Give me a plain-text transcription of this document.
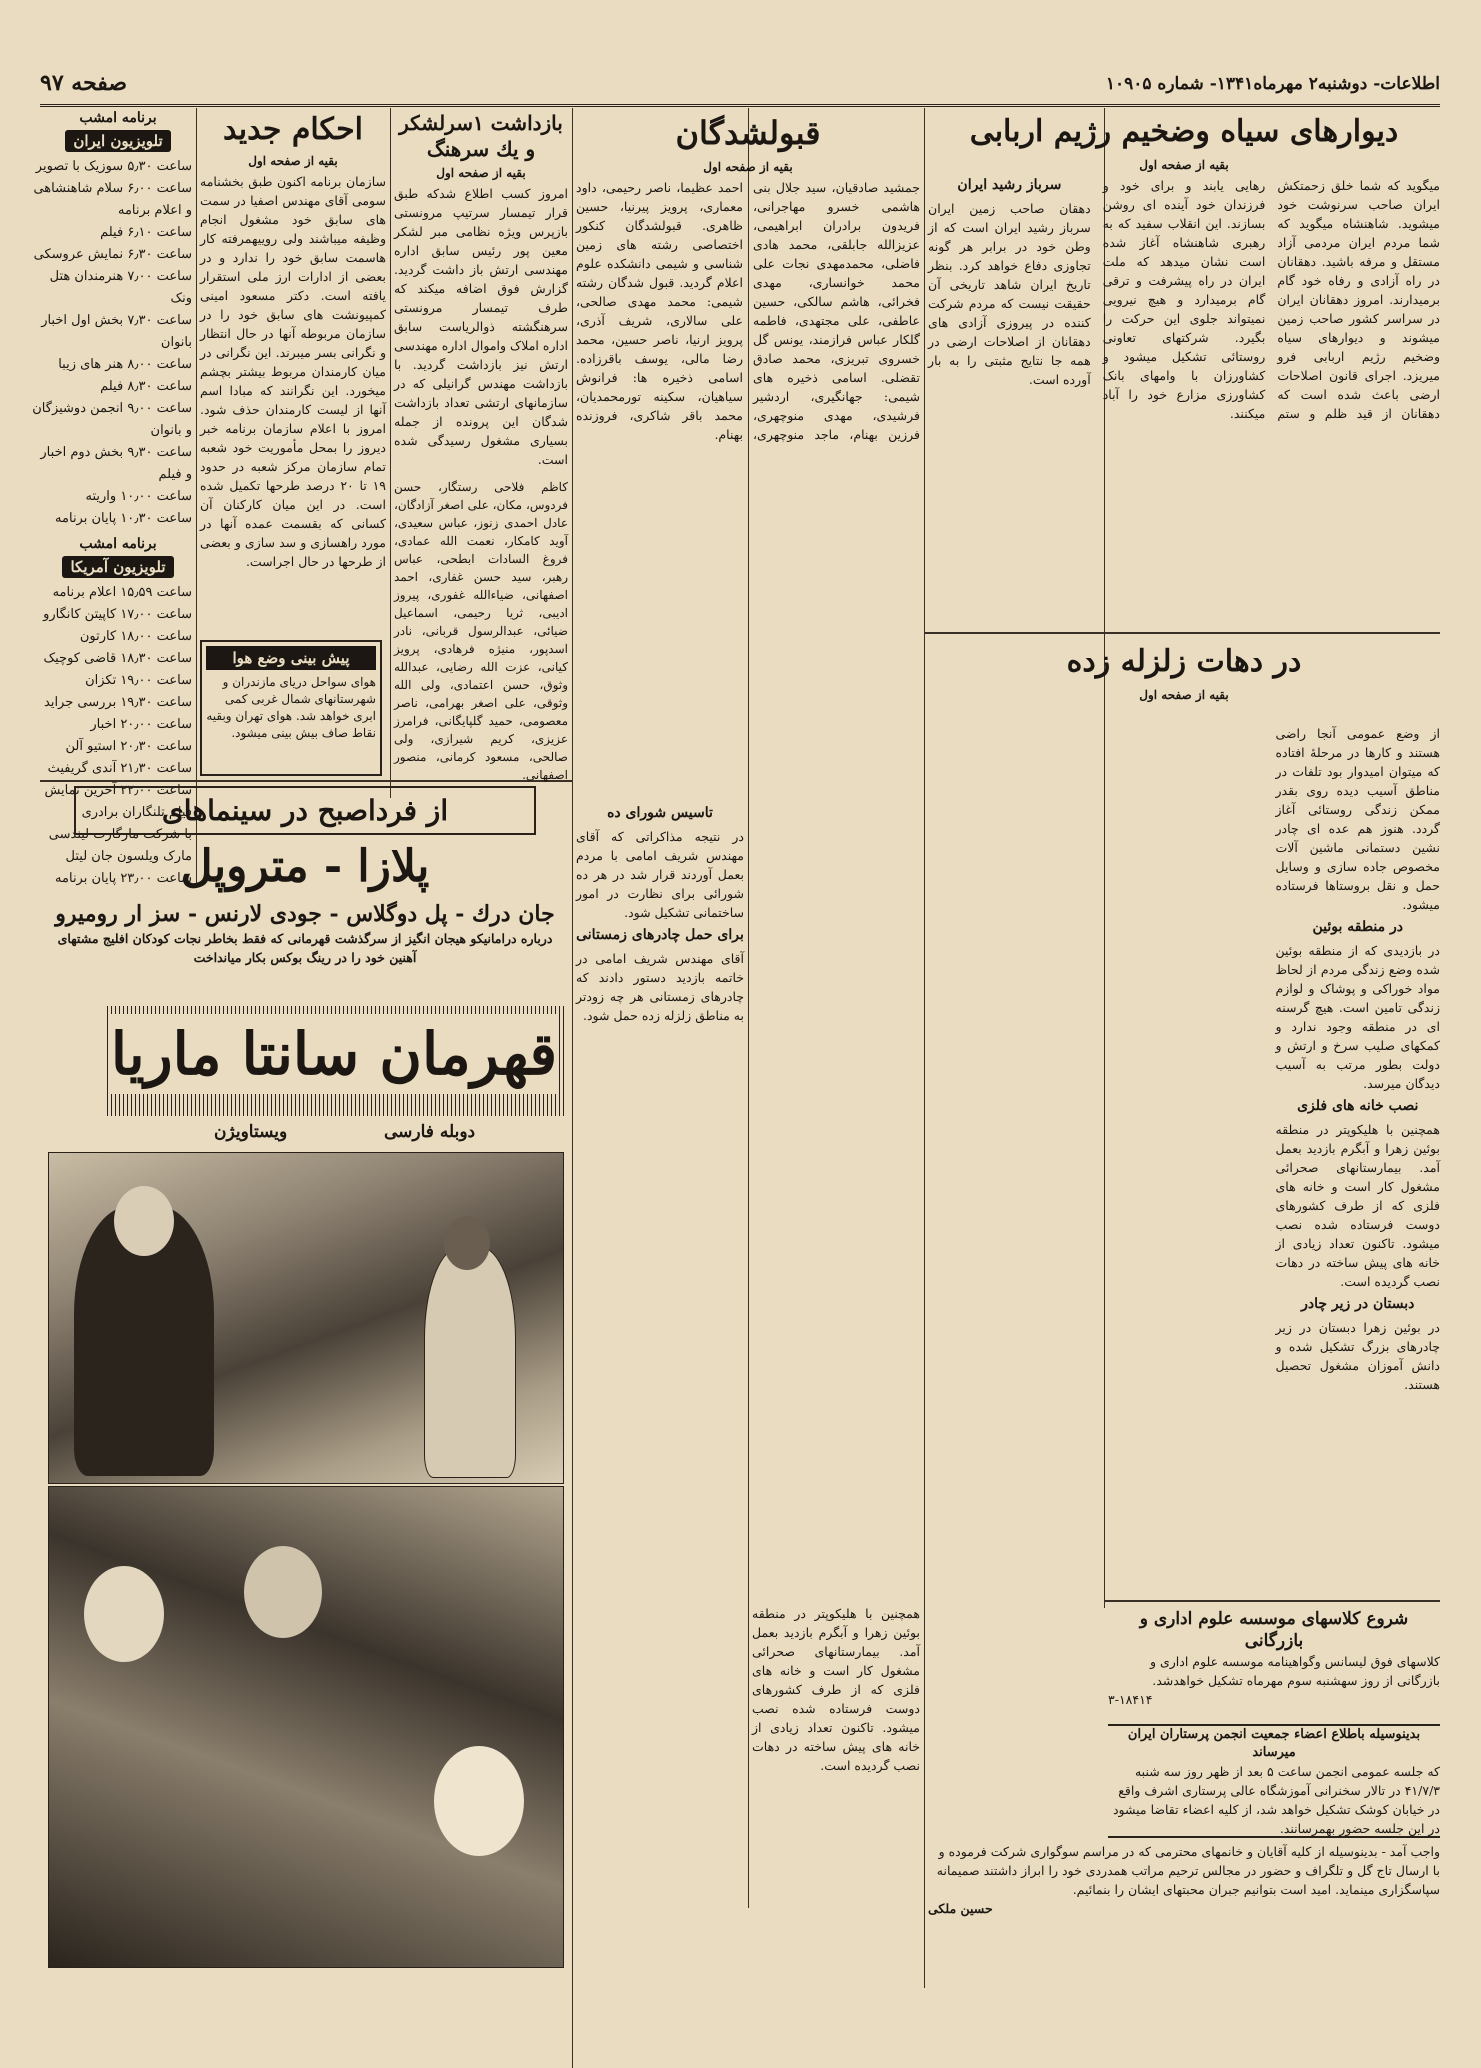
صفحه ۹۷	اطلاعات- دوشنبه۲ مهرماه۱۳۴۱- شماره ۱۰۹۰۵
برنامه امشب
تلویزیون ایران
ساعت ۵٫۳۰ سوزیک با تصویر
ساعت ۶٫۰۰ سلام شاهنشاهی
و اعلام برنامه
ساعت ۶٫۱۰ فیلم
ساعت ۶٫۳۰ نمایش عروسکی
ساعت ۷٫۰۰ هنرمندان هتل
ونک
ساعت ۷٫۳۰ بخش اول اخبار
بانوان
ساعت ۸٫۰۰ هنر های زیبا
ساعت ۸٫۳۰ فیلم
ساعت ۹٫۰۰ انجمن دوشیزگان
و بانوان
ساعت ۹٫۳۰ بخش دوم اخبار
و فیلم
ساعت ۱۰٫۰۰ واریته
ساعت ۱۰٫۳۰ پایان برنامه
برنامه امشب
تلویزیون آمریکا
ساعت ۱۵٫۵۹ اعلام برنامه
ساعت ۱۷٫۰۰ کاپیتن کانگارو
ساعت ۱۸٫۰۰ کارتون
ساعت ۱۸٫۳۰ قاضی کوچیک
ساعت ۱۹٫۰۰ تکزان
ساعت ۱۹٫۳۰ بررسی جراید
ساعت ۲۰٫۰۰ اخبار
ساعت ۲۰٫۳۰ استیو آلن
ساعت ۲۱٫۳۰ آندی گریفیث
ساعت ۲۲٫۰۰ آخرین نمایش
فیلم تلنگاران برادری
با شرکت مارگارت لیندسی
مارک ویلسون جان لیتل
ساعت ۲۳٫۰۰ پایان برنامه
احکام جدید
بقیه از صفحه اول
سازمان برنامه اکنون طبق بخشنامه سومی آقای مهندس اصفیا در سمت های سابق خود مشغول انجام وظیفه میباشند ولی روییهمرفته کار هاسمت سابق خود را ندارد و در بعضی از ادارات ارز ملی استقرار یافته است. دکتر مسعود امینی کمپیونشت های سابق خود را در سازمان مربوطه آنها در حال انتظار و نگرانی بسر میبرند. این نگرانی در میان کارمندان مربوط بیشتر بچشم میخورد. این نگرانند که مبادا اسم آنها از لیست کارمندان حذف شود. امروز با اعلام سازمان برنامه خبر دیروز را بمحل مأموریت خود شعبه تمام سازمان مرکز شعبه در حدود ۱۹ تا ۲۰ درصد طرحها تکمیل شده است. در این میان کارکنان آن کسانی که بقسمت عمده آنها در مورد راهسازی و سد سازی و بعضی از طرحها در حال اجراست.
پیش بینی وضع هوا
هوای سواحل دریای مازندران و شهرستانهای شمال غربی کمی ابری خواهد شد. هوای تهران وبقیه نقاط صاف بیش بینی میشود.
بازداشت ۱سرلشکر و یك سرهنگ
بقیه از صفحه اول
امروز کسب اطلاع شدکه طبق قرار تیمسار سرتیپ مرونستی بازپرس ویژه نظامی مبر لشکر معین پور رئیس سابق اداره مهندسی ارتش باز داشت گردید. گزارش فوق اضافه میکند که طرف تیمسار مرونستی سرهنگشته ذوالریاست سابق اداره املاک واموال اداره مهندسی ارتش نیز بازداشت گردید. با بازداشت مهندس گرانیلی که در سازمانهای ارتشی تعداد بازداشت شدگان این پرونده از جمله بسیاری مشغول رسیدگی شده است.
کاظم فلاحی رستگار، حسن فردوس، مکان، علی اصغر آزادگان، عادل احمدی زنوز، عباس سعیدی، آوید کامکار، نعمت الله عمادی، فروغ السادات ابطحی، عباس رهبر، سید حسن غفاری، احمد اصفهانی، ضیاءالله غفوری، پیروز ادیبی، ثریا رحیمی، اسماعیل ضیائی، عبدالرسول قربانی، نادر اسدپور، منیژه فرهادی، پرویز کیانی، عزت الله رضایی، عبدالله وثوق، حسن اعتمادی، ولی الله وثوقی، علی اصغر بهرامی، ناصر معصومی، حمید گلپایگانی، فرامرز عزیزی، کریم شیرازی، ولی صالحی، مسعود کرمانی، منصور اصفهانی.
قبولشدگان
بقیه از صفحه اول
جمشید صادقیان، سید جلال بنی هاشمی خسرو مهاجرانی، فریدون برادران ابراهیمی، عزیزالله جابلقی، محمد هادی فاضلی، محمدمهدی نجات علی محمد خوانساری، مهدی فخرائی، هاشم سالکی، حسین عاطفی، علی مجتهدی، فاطمه گلکار عباس فرازمند، یونس گل خسروی تبریزی، محمد صادق تقضلی. اسامی ذخیره های شیمی: جهانگیری، اردشیر فرشیدی، مهدی منوچهری، فرزین بهنام، ماجد منوچهری، احمد عظیما، ناصر رحیمی، داود معماری، پرویز پیرنیا، حسین ظاهری. قبولشدگان کنکور اختصاصی رشته های زمین شناسی و شیمی دانشکده علوم اعلام گردید. قبول شدگان رشته شیمی: محمد مهدی صالحی، علی سالاری، شریف آذری، پرویز ارنیا، ناصر حسین، محمد رضا مالی، یوسف باقرزاده. اسامی ذخیره ها: فرانوش سیاهیان، سکینه تورمحمدیان، محمد باقر شاکری، فروزنده بهنام.
دیوارهای سیاه وضخیم رژیم اربابی
بقیه از صفحه اول
میگوید که شما خلق زحمتکش ایران صاحب سرنوشت خود میشوید. شاهنشاه میگوید که شما مردم ایران مردمی آزاد مستقل و مرفه باشید. دهقانان در راه آزادی و رفاه خود گام برمیدارند. امروز دهقانان ایران در سراسر کشور صاحب زمین میشوند و دیوارهای سیاه وضخیم رژیم اربابی فرو میریزد. اجرای قانون اصلاحات ارضی باعث شده است که دهقانان از قید ظلم و ستم رهایی یابند و برای خود و فرزندان خود آینده ای روشن بسازند. این انقلاب سفید که به رهبری شاهنشاه آغاز شده است نشان میدهد که ملت ایران در راه پیشرفت و ترقی گام برمیدارد و هیچ نیرویی نمیتواند جلوی این حرکت را بگیرد. شرکتهای تعاونی روستائی تشکیل میشود و کشاورزان با وامهای بانک کشاورزی مزارع خود را آباد میکنند.
سرباز رشید ایران
دهقان صاحب زمین ایران سرباز رشید ایران است که از وطن خود در برابر هر گونه تجاوزی دفاع خواهد کرد. بنظر تاریخ ایران شاهد تاریخی آن حقیقت نیست که مردم شرکت کننده در پیروزی آزادی های دهقانان از اصلاحات ارضی در همه جا نتایج مثبتی را به بار آورده است.
در دهات زلزله زده
بقیه از صفحه اول
از وضع عمومی آنجا راضی هستند و کارها در مرحلهٔ افتاده که میتوان امیدوار بود تلفات در مناطق آسیب دیده روی بقدر ممکن زندگی روستائی آغاز گردد. هنوز هم عده ای چادر نشین دستمانی ماشین آلات مخصوص جاده سازی و وسایل حمل و نقل بروستاها فرستاده میشود.
در منطقه بوئین
در بازدیدی که از منطقه بوئین شده وضع زندگی مردم از لحاظ مواد خوراکی و پوشاک و لوازم زندگی تامین است. هیچ گرسنه ای در منطقه وجود ندارد و کمکهای صلیب سرخ و ارتش و دولت بطور مرتب به آسیب دیدگان میرسد.
نصب خانه های فلزی
همچنین با هلیکوپتر در منطقه بوئین زهرا و آبگرم بازدید بعمل آمد. بیمارستانهای صحرائی مشغول کار است و خانه های فلزی که از طرف کشورهای دوست فرستاده شده نصب میشود. تاکنون تعداد زیادی از خانه های پیش ساخته در دهات نصب گردیده است.
دبستان در زیر چادر
در بوئین زهرا دبستان در زیر چادرهای بزرگ تشکیل شده و دانش آموزان مشغول تحصیل هستند.
تاسیس شورای ده
در نتیجه مذاکراتی که آقای مهندس شریف امامی با مردم بعمل آوردند قرار شد در هر ده شورائی برای نظارت در امور ساختمانی تشکیل شود.
برای حمل چادرهای زمستانی
آقای مهندس شریف امامی در خاتمه بازدید دستور دادند که چادرهای زمستانی هر چه زودتر به مناطق زلزله زده حمل شود.
همچنین با هلیکوپتر در منطقه بوئین زهرا و آبگرم بازدید بعمل آمد. بیمارستانهای صحرائی مشغول کار است و خانه های فلزی که از طرف کشورهای دوست فرستاده شده نصب میشود. تاکنون تعداد زیادی از خانه های پیش ساخته در دهات نصب گردیده است.
شروع کلاسهای موسسه علوم اداری و بازرگانی
کلاسهای فوق لیسانس وگواهینامه موسسه علوم اداری و بازرگانی از روز سهشنبه سوم مهرماه تشکیل خواهدشد.
۳-۱۸۴۱۴
بدینوسیله باطلاع اعضاء جمعیت انجمن پرستاران ایران میرساند
که جلسه عمومی انجمن ساعت ۵ بعد از ظهر روز سه شنبه ۴۱/۷/۳ در تالار سخنرانی آموزشگاه عالی پرستاری اشرف واقع در خیابان کوشک تشکیل خواهد شد، از کلیه اعضاء تقاضا میشود در این جلسه حضور بهمرسانند.
واجب آمد - بدینوسیله از کلیه آقایان و خانمهای محترمی که در مراسم سوگواری شرکت فرموده و با ارسال تاج گل و تلگراف و حضور در مجالس ترحیم مراتب همدردی خود را ابراز داشتند صمیمانه سپاسگزاری مینماید. امید است بتوانیم جبران محبتهای ایشان را بنمائیم.
حسین ملکی
از فرداصبح در سینماهای
پلازا - متروپل
جان درك - پل دوگلاس - جودی لارنس - سز ار رومیرو
درباره درامانیکو هیجان انگیز از سرگذشت قهرمانی که فقط بخاطر نجات کودکان افلیج مشتهای آهنین خود را در رینگ بوکس بکار میانداخت
قهرمان سانتا ماریا
ویستاویژن	دوبله فارسی
